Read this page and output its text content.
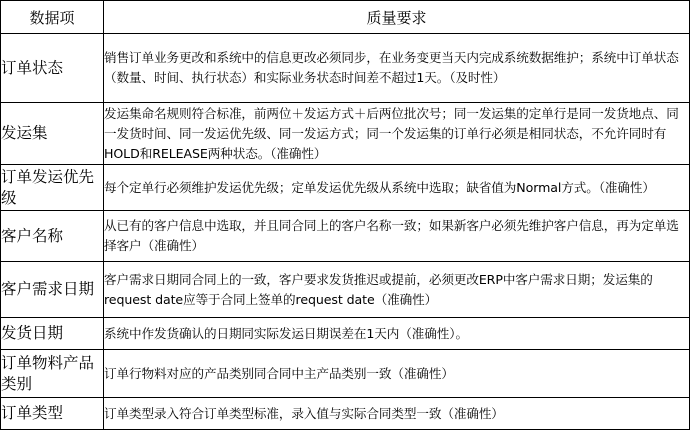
数据项	质量要求
订单状态	销售订单业务更改和系统中的信息更改必须同步，在业务变更当天内完成系统数据维护；系统中订单状态（数量、时间、执行状态）和实际业务状态时间差不超过1天。（及时性）
发运集	发运集命名规则符合标准，前两位＋发运方式＋后两位批次号；同一发运集的定单行是同一发货地点、同一发货时间、同一发运优先级、同一发运方式；同一个发运集的订单行必须是相同状态，不允许同时有HOLD和RELEASE两种状态。（准确性）
订单发运优先级	每个定单行必须维护发运优先级；定单发运优先级从系统中选取；缺省值为Normal方式。（准确性）
客户名称	从已有的客户信息中选取，并且同合同上的客户名称一致；如果新客户必须先维护客户信息，再为定单选择客户（准确性）
客户需求日期	客户需求日期同合同上的一致，客户要求发货推迟或提前，必须更改ERP中客户需求日期；发运集的request date应等于合同上签单的request date（准确性）
发货日期	系统中作发货确认的日期同实际发运日期误差在1天内（准确性）。
订单物料产品类别	订单行物料对应的产品类别同合同中主产品类别一致（准确性）
订单类型	订单类型录入符合订单类型标准，录入值与实际合同类型一致（准确性）
